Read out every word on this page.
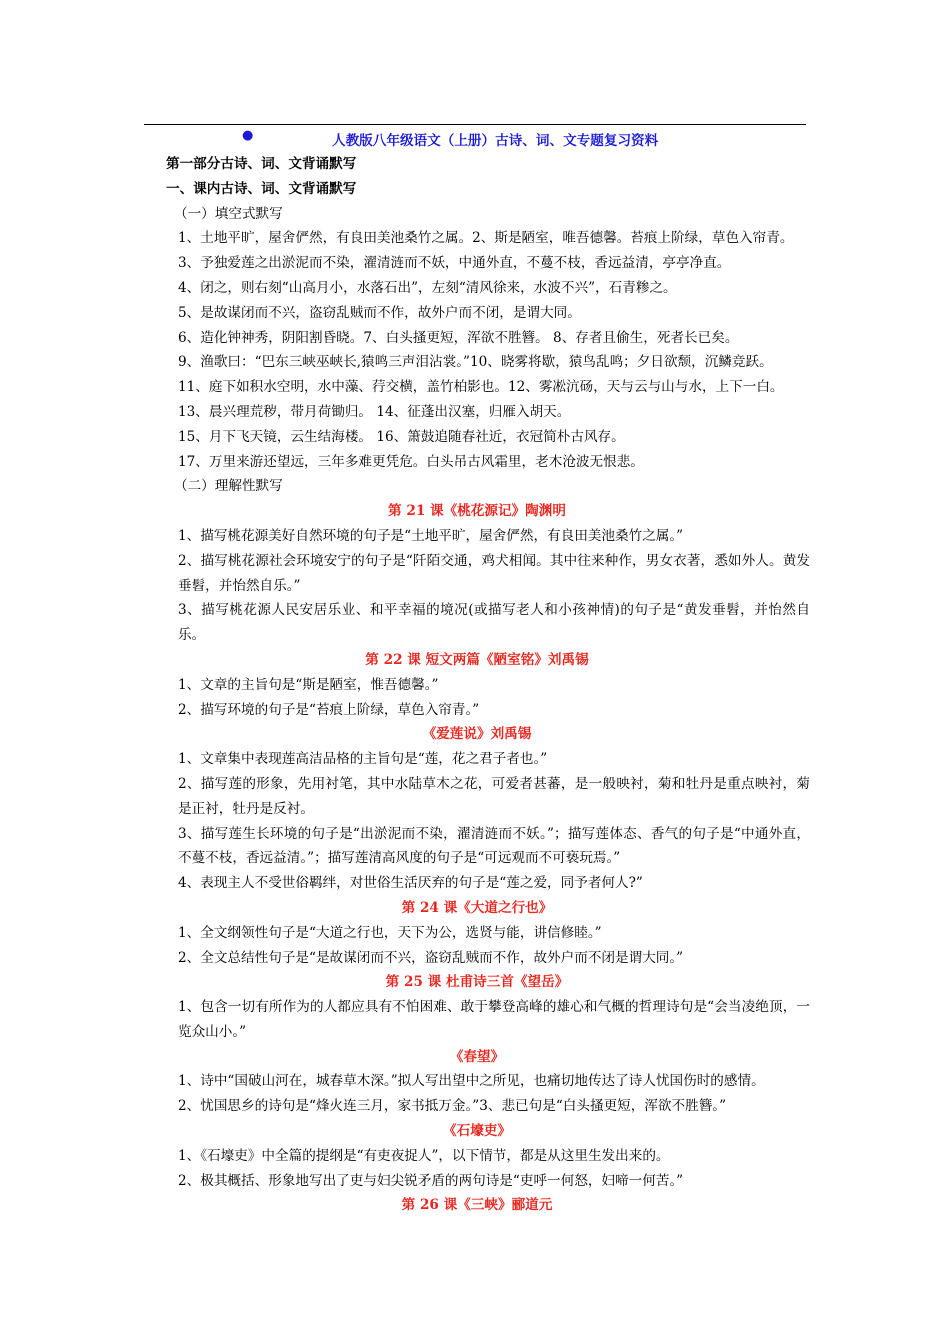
●	人教版八年级语文（上册）古诗、词、文专题复习资料
第一部分古诗、词、文背诵默写
一、课内古诗、词、文背诵默写
（一）填空式默写
1、土地平旷，屋舍俨然，有良田美池桑竹之属。2、斯是陋室，唯吾德馨。苔痕上阶绿，草色入帘青。
3、予独爱莲之出淤泥而不染，濯清涟而不妖，中通外直，不蔓不枝，香远益清，亭亭净直。
4、闭之，则右刻“山高月小，水落石出”，左刻“清风徐来，水波不兴”，石青糁之。
5、是故谋闭而不兴，盗窃乱贼而不作，故外户而不闭，是谓大同。
6、造化钟神秀，阴阳割昏晓。7、白头搔更短，浑欲不胜簪。 8、存者且偷生，死者长已矣。
9、渔歌曰：“巴东三峡巫峡长,猿鸣三声泪沾裳。”10、晓雾将歇，猿鸟乱鸣；夕日欲颓，沉鳞竞跃。
11、庭下如积水空明，水中藻、荇交横，盖竹柏影也。12、雾凇沆砀，天与云与山与水，上下一白。
13、晨兴理荒秽，带月荷锄归。 14、征蓬出汉塞，归雁入胡天。
15、月下飞天镜，云生结海楼。 16、箫鼓追随春社近，衣冠简朴古风存。
17、万里来游还望远，三年多难更凭危。白头吊古风霜里，老木沧波无恨悲。
（二）理解性默写
第 21 课《桃花源记》陶渊明
1、描写桃花源美好自然环境的句子是“土地平旷，屋舍俨然，有良田美池桑竹之属。”
2、描写桃花源社会环境安宁的句子是“阡陌交通，鸡犬相闻。其中往来种作，男女衣著，悉如外人。黄发垂髫，并怡然自乐。”
3、描写桃花源人民安居乐业、和平幸福的境况(或描写老人和小孩神情)的句子是“黄发垂髫，并怡然自乐。
第 22 课 短文两篇《陋室铭》刘禹锡
1、文章的主旨句是“斯是陋室，惟吾德馨。”
2、描写环境的句子是“苔痕上阶绿，草色入帘青。”
《爱莲说》刘禹锡
1、文章集中表现莲高洁品格的主旨句是“莲，花之君子者也。”
2、描写莲的形象，先用衬笔，其中水陆草木之花，可爱者甚蕃，是一般映衬，菊和牡丹是重点映衬，菊是正衬，牡丹是反衬。
3、描写莲生长环境的句子是“出淤泥而不染，濯清涟而不妖。”；描写莲体态、香气的句子是“中通外直，不蔓不枝，香远益清。”；描写莲清高风度的句子是“可远观而不可亵玩焉。”
4、表现主人不受世俗羁绊，对世俗生活厌弃的句子是“莲之爱，同予者何人?”
第 24 课《大道之行也》
1、全文纲领性句子是“大道之行也，天下为公，选贤与能，讲信修睦。”
2、全文总结性句子是“是故谋闭而不兴，盗窃乱贼而不作，故外户而不闭是谓大同。”
第 25 课 杜甫诗三首《望岳》
1、包含一切有所作为的人都应具有不怕困难、敢于攀登高峰的雄心和气概的哲理诗句是“会当凌绝顶，一览众山小。”
《春望》
1、诗中“国破山河在，城春草木深。”拟人写出望中之所见，也痛切地传达了诗人忧国伤时的感情。
2、忧国思乡的诗句是“烽火连三月，家书抵万金。”3、悲已句是“白头搔更短，浑欲不胜簪。”
《石壕吏》
1、《石壕吏》中全篇的提纲是“有吏夜捉人”，以下情节，都是从这里生发出来的。
2、极其概括、形象地写出了吏与妇尖锐矛盾的两句诗是“吏呼一何怒，妇啼一何苦。”
第 26 课《三峡》郦道元
